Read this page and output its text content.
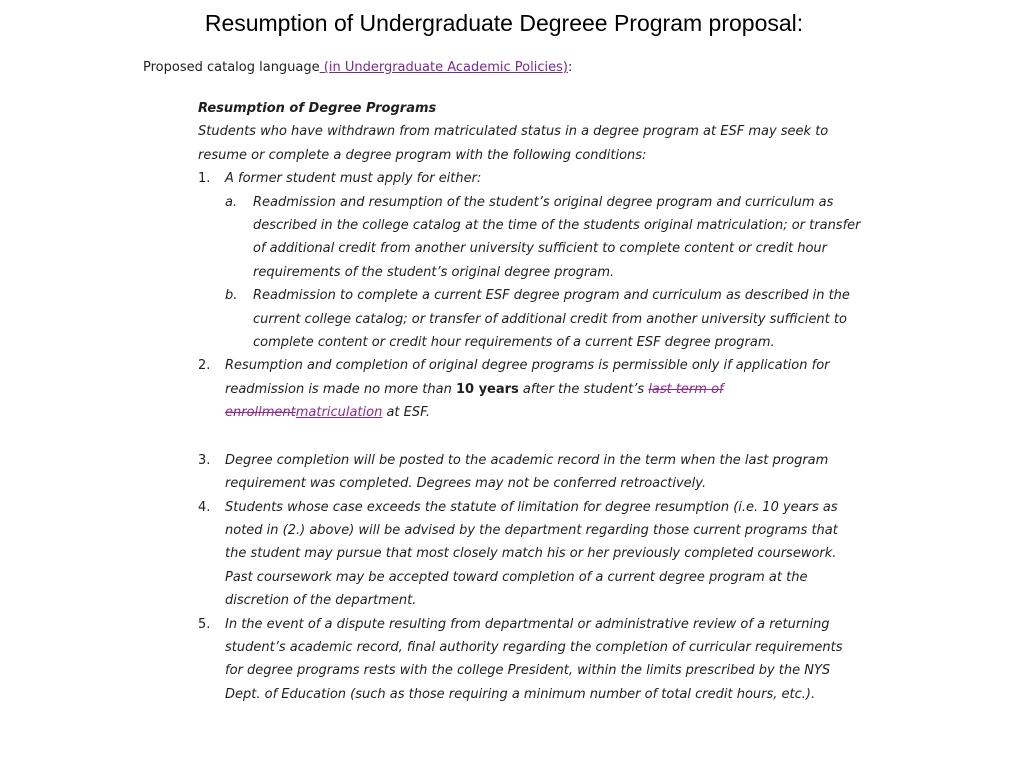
Resumption of Undergraduate Degreee Program proposal:
Proposed catalog language (in Undergraduate Academic Policies):

Resumption of Degree Programs

Students who have withdrawn from matriculated status in a degree program at ESF may seek to resume or complete a degree program with the following conditions:

1.	A former student must apply for either:
a.	Readmission and resumption of the student’s original degree program and curriculum as described in the college catalog at the time of the students original matriculation; or transfer of additional credit from another university sufficient to complete content or credit hour requirements of the student’s original degree program.
b.	Readmission to complete a current ESF degree program and curriculum as described in the current college catalog; or transfer of additional credit from another university sufficient to complete content or credit hour requirements of a current ESF degree program.
2.	Resumption and completion of original degree programs is permissible only if application for readmission is made no more than 10 years after the student’s last term of enrollmentmatriculation at ESF.
3.	Degree completion will be posted to the academic record in the term when the last program requirement was completed. Degrees may not be conferred retroactively.
4.	Students whose case exceeds the statute of limitation for degree resumption (i.e. 10 years as noted in (2.) above) will be advised by the department regarding those current programs that the student may pursue that most closely match his or her previously completed coursework. Past coursework may be accepted toward completion of a current degree program at the discretion of the department.
5.	In the event of a dispute resulting from departmental or administrative review of a returning student’s academic record, final authority regarding the completion of curricular requirements for degree programs rests with the college President, within the limits prescribed by the NYS Dept. of Education (such as those requiring a minimum number of total credit hours, etc.).
